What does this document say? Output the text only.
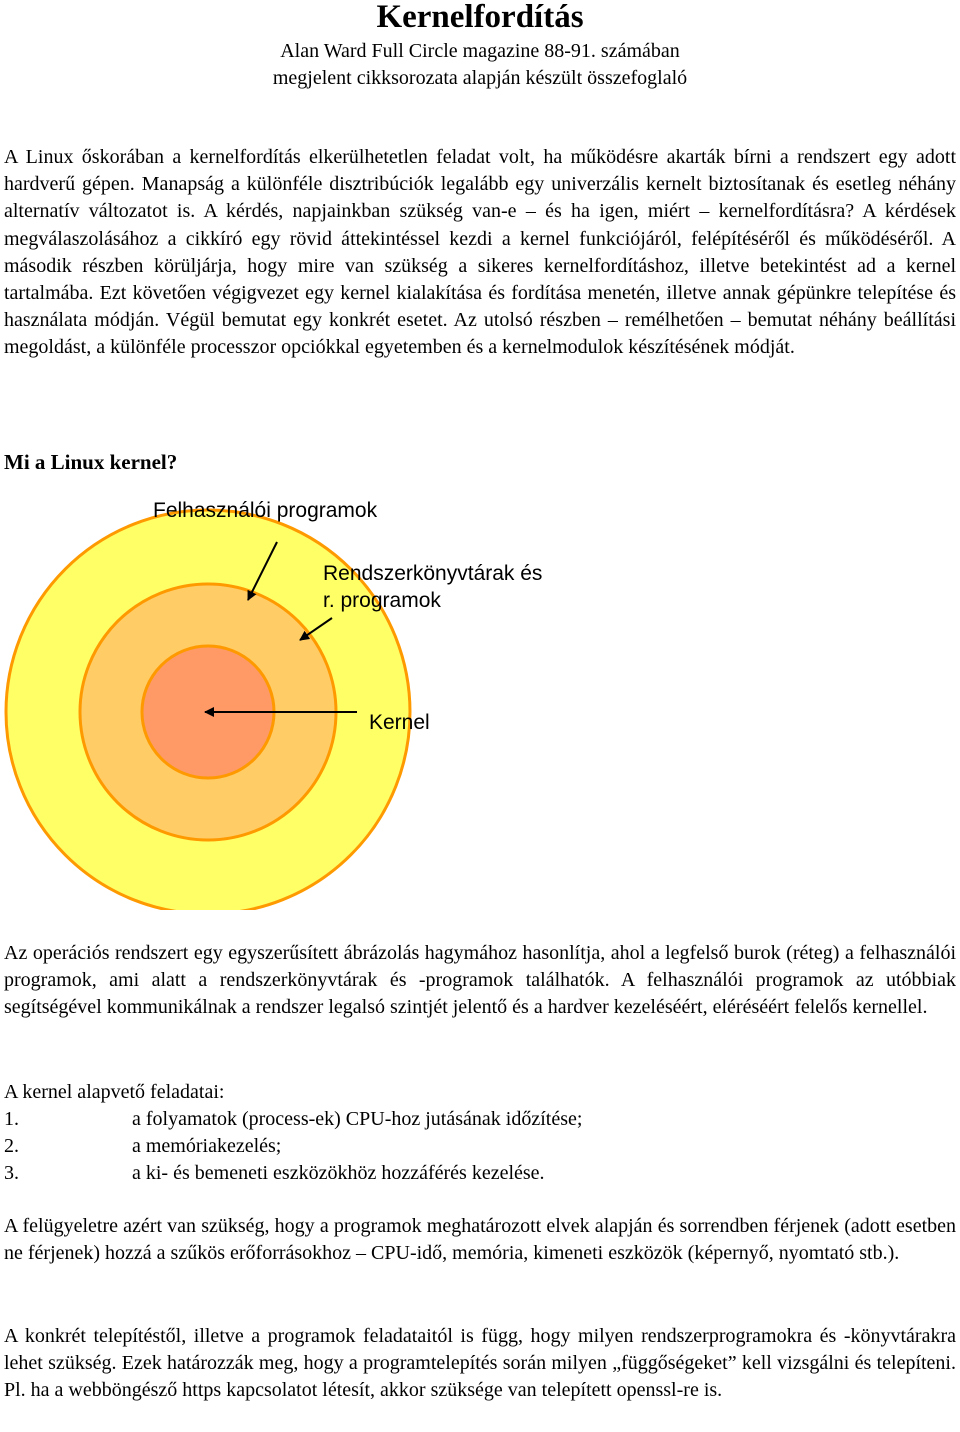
Kernelfordítás
Alan Ward Full Circle magazine 88-91. számában
megjelent cikksorozata alapján készült összefoglaló

A Linux őskorában a kernelfordítás elkerülhetetlen feladat volt, ha működésre akarták bírni a rendszert egy adott hardverű gépen. Manapság a különféle disztribúciók legalább egy univerzális kernelt biztosítanak és esetleg néhány alternatív változatot is. A kérdés, napjainkban szükség van-e – és ha igen, miért – kernelfordításra? A kérdések megválaszolásához a cikkíró egy rövid áttekintéssel kezdi a kernel funkciójáról, felépítéséről és működéséről. A második részben körüljárja, hogy mire van szükség a sikeres kernelfordításhoz, illetve betekintést ad a kernel tartalmába. Ezt követően végigvezet egy kernel kialakítása és fordítása menetén, illetve annak gépünkre telepítése és használata módján. Végül bemutat egy konkrét esetet. Az utolsó részben – remélhetően – bemutat néhány beállítási megoldást, a különféle processzor opciókkal egyetemben és a kernelmodulok készítésének módját.

Mi a Linux kernel?
Felhasználói programok
Rendszerkönyvtárak és
r. programok
Kernel

Az operációs rendszert egy egyszerűsített ábrázolás hagymához hasonlítja, ahol a legfelső burok (réteg) a felhasználói programok, ami alatt a rendszerkönyvtárak és -programok találhatók. A felhasználói programok az utóbbiak segítségével kommunikálnak a rendszer legalsó szintjét jelentő és a hardver kezeléséért, eléréséért felelős kernellel.

A kernel alapvető feladatai:
1.	a folyamatok (process-ek) CPU-hoz jutásának időzítése;
2.	a memóriakezelés;
3.	a ki- és bemeneti eszközökhöz hozzáférés kezelése.

A felügyeletre azért van szükség, hogy a programok meghatározott elvek alapján és sorrendben férjenek (adott esetben ne férjenek) hozzá a szűkös erőforrásokhoz – CPU-idő, memória, kimeneti eszközök (képernyő, nyomtató stb.).

A konkrét telepítéstől, illetve a programok feladataitól is függ, hogy milyen rendszerprogramokra és -könyvtárakra lehet szükség. Ezek határozzák meg, hogy a programtelepítés során milyen „függőségeket” kell vizsgálni és telepíteni. Pl. ha a webböngésző https kapcsolatot létesít, akkor szüksége van telepített openssl-re is.
